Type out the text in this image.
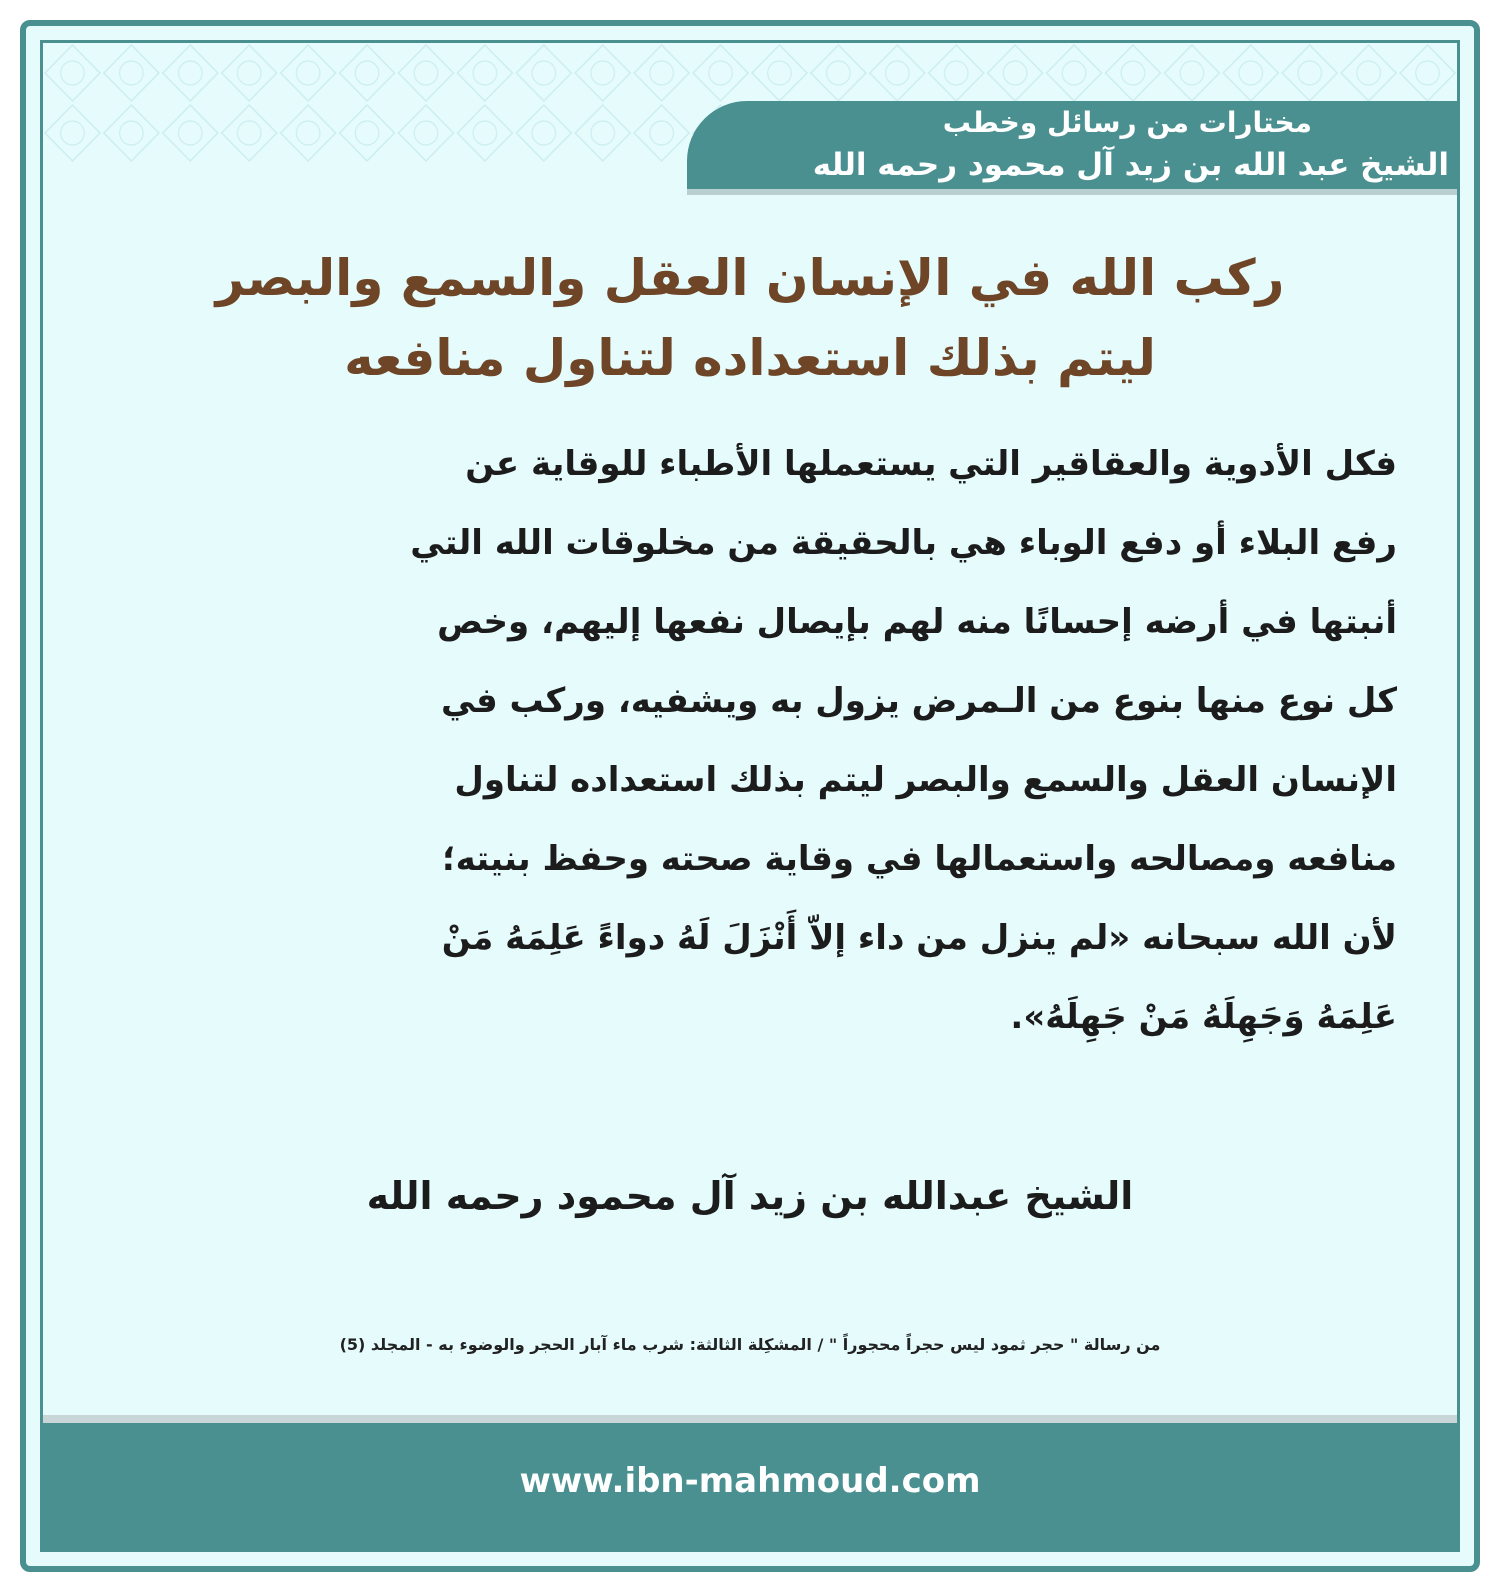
مختارات من رسائل وخطب
الشيخ عبد الله بن زيد آل محمود رحمه الله
ركب الله في الإنسان العقل والسمع والبصر
ليتم بذلك استعداده لتناول منافعه
فكل الأدوية والعقاقير التي يستعملها الأطباء للوقاية عن
رفع البلاء أو دفع الوباء هي بالحقيقة من مخلوقات الله التي
أنبتها في أرضه إحسانًا منه لهم بإيصال نفعها إليهم، وخص
كل نوع منها بنوع من الـمرض يزول به ويشفيه، وركب في
الإنسان العقل والسمع والبصر ليتم بذلك استعداده لتناول
منافعه ومصالحه واستعمالها في وقاية صحته وحفظ بنيته؛
لأن الله سبحانه «لم ينزل من داء إلاّ أَنْزَلَ لَهُ دواءً عَلِمَهُ مَنْ
عَلِمَهُ وَجَهِلَهُ مَنْ جَهِلَهُ».
الشيخ عبدالله بن زيد آل محمود رحمه الله
من رسالة " حجر ثمود ليس حجراً محجوراً " / المشكِلة الثالثة: شرب ماء آبار الحجر والوضوء به - المجلد (5)
www.ibn-mahmoud.com
